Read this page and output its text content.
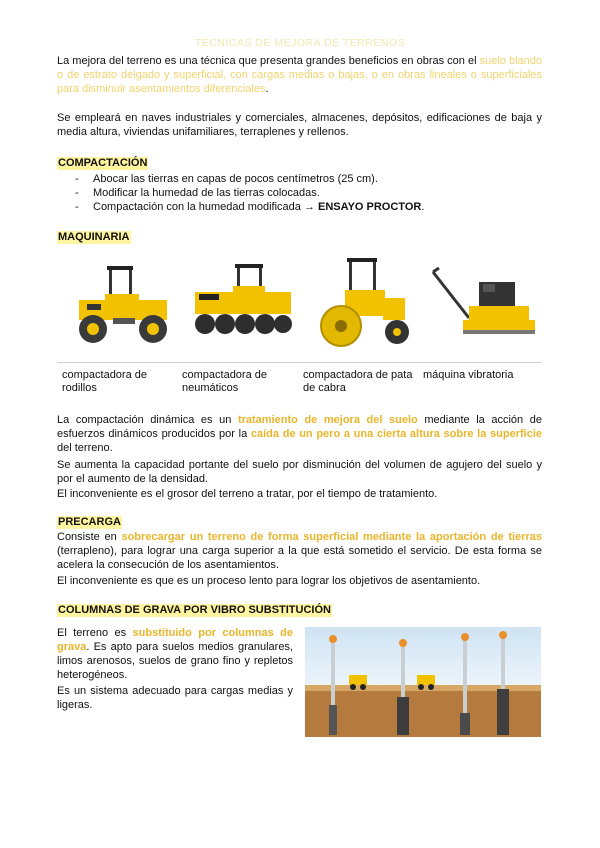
TÉCNICAS DE MEJORA DE TERRENOS

La mejora del terreno es una técnica que presenta grandes beneficios en obras con el suelo blando o de estrato delgado y superficial, con cargas medias o bajas, o en obras lineales o superficiales para disminuir asentamientos diferenciales.

Se empleará en naves industriales y comerciales, almacenes, depósitos, edificaciones de baja y media altura, viviendas unifamiliares, terraplenes y rellenos.

COMPACTACIÓN
- Abocar las tierras en capas de pocos centímetros (25 cm).
- Modificar la humedad de las tierras colocadas.
- Compactación con la humedad modificada → ENSAYO PROCTOR.
MAQUINARIA
compactadora de rodillos
compactadora de neumáticos
compactadora de pata de cabra
máquina vibratoria

La compactación dinámica es un tratamiento de mejora del suelo mediante la acción de esfuerzos dinámicos producidos por la caída de un pero a una cierta altura sobre la superficie del terreno.

Se aumenta la capacidad portante del suelo por disminución del volumen de agujero del suelo y por el aumento de la densidad.

El inconveniente es el grosor del terreno a tratar, por el tiempo de tratamiento.

PRECARGA

Consiste en sobrecargar un terreno de forma superficial mediante la aportación de tierras (terrapleno), para lograr una carga superior a la que está sometido el servicio. De esta forma se acelera la consecución de los asentamientos.

El inconveniente es que es un proceso lento para lograr los objetivos de asentamiento.

COLUMNAS DE GRAVA POR VIBRO SUBSTITUCIÓN

El terreno es substituido por columnas de grava. Es apto para suelos medios granulares, limos arenosos, suelos de grano fino y repletos heterogéneos.

Es un sistema adecuado para cargas medias y ligeras.
